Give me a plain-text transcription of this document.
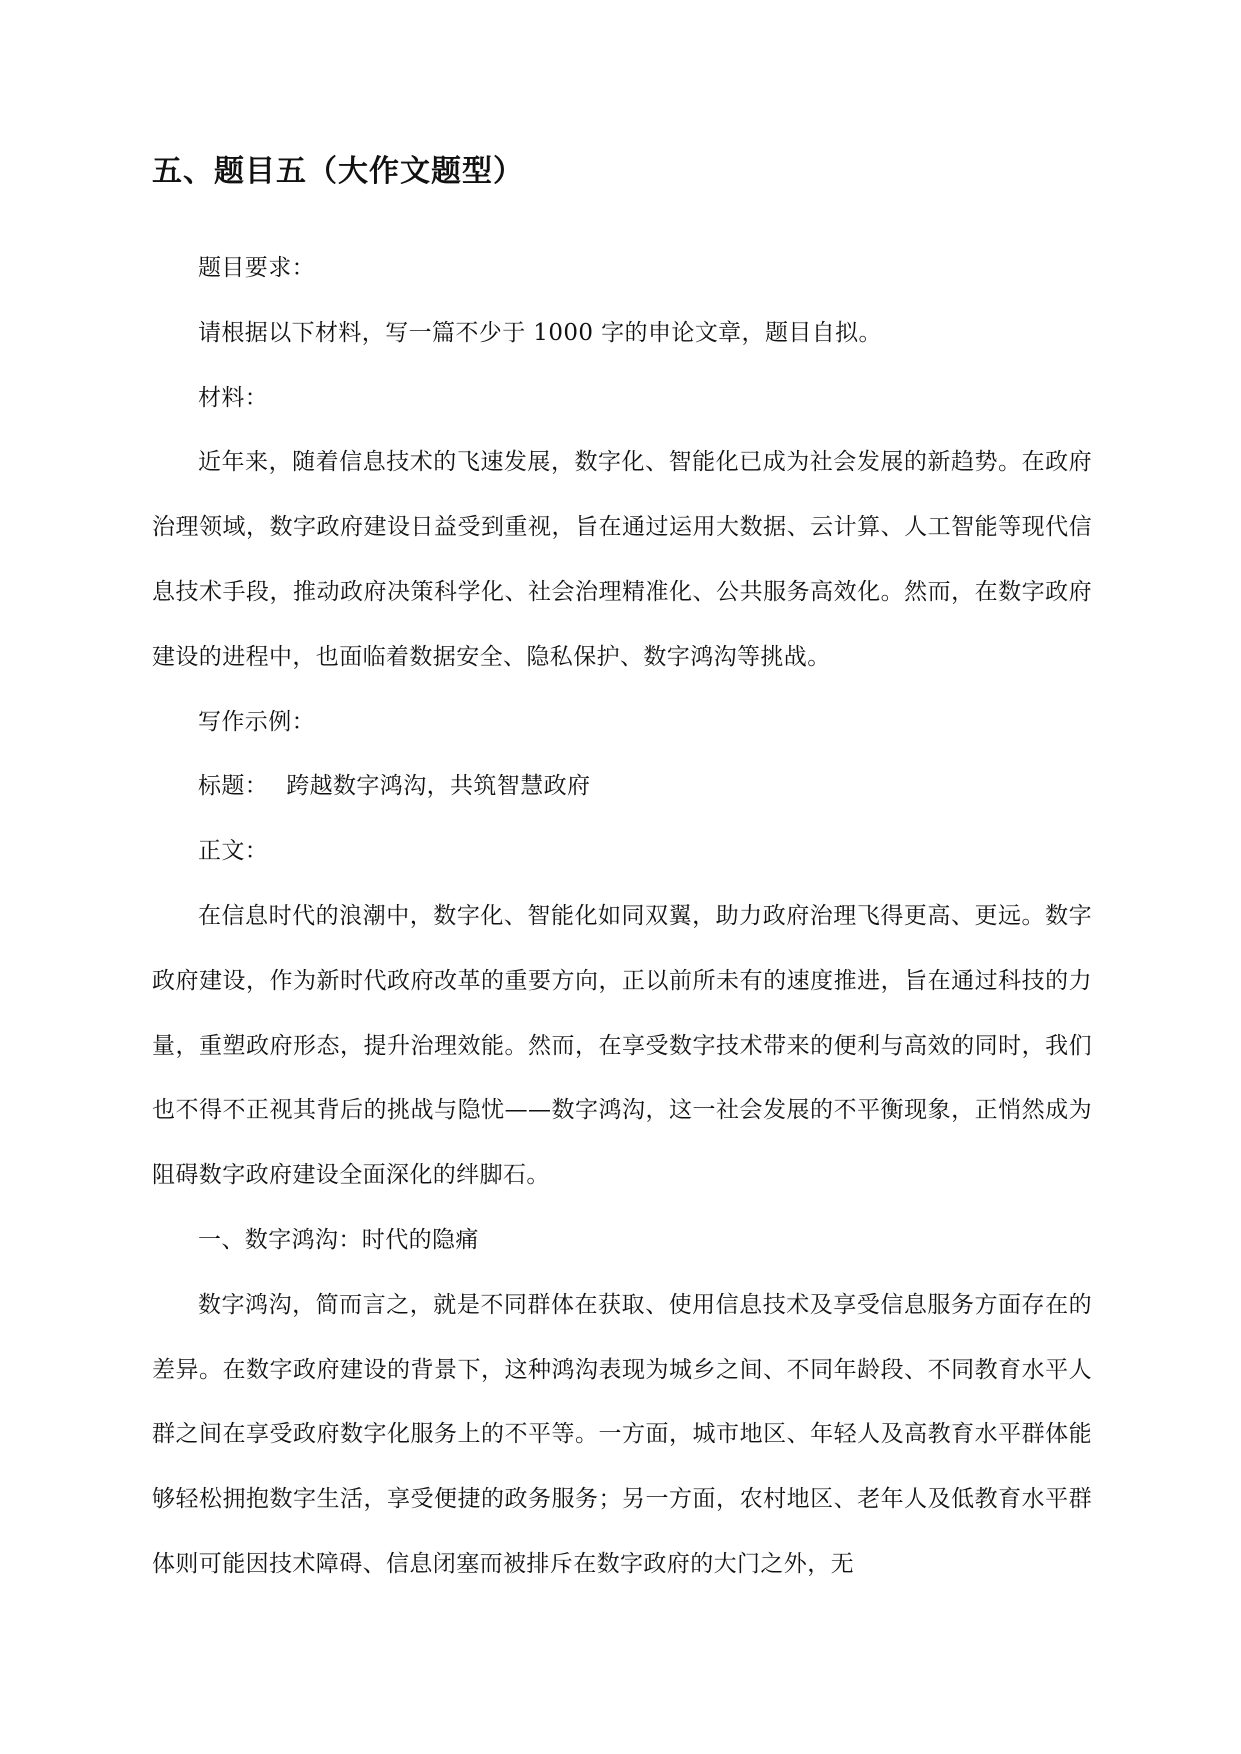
五、题目五（大作文题型）

题目要求：

请根据以下材料，写一篇不少于 1000 字的申论文章，题目自拟。

材料：

近年来，随着信息技术的飞速发展，数字化、智能化已成为社会发展的新趋势。在政府治理领域，数字政府建设日益受到重视，旨在通过运用大数据、云计算、人工智能等现代信息技术手段，推动政府决策科学化、社会治理精准化、公共服务高效化。然而，在数字政府建设的进程中，也面临着数据安全、隐私保护、数字鸿沟等挑战。

写作示例：

标题： 跨越数字鸿沟，共筑智慧政府

正文：

在信息时代的浪潮中，数字化、智能化如同双翼，助力政府治理飞得更高、更远。数字政府建设，作为新时代政府改革的重要方向，正以前所未有的速度推进，旨在通过科技的力量，重塑政府形态，提升治理效能。然而，在享受数字技术带来的便利与高效的同时，我们也不得不正视其背后的挑战与隐忧——数字鸿沟，这一社会发展的不平衡现象，正悄然成为阻碍数字政府建设全面深化的绊脚石。

一、数字鸿沟：时代的隐痛

数字鸿沟，简而言之，就是不同群体在获取、使用信息技术及享受信息服务方面存在的差异。在数字政府建设的背景下，这种鸿沟表现为城乡之间、不同年龄段、不同教育水平人群之间在享受政府数字化服务上的不平等。一方面，城市地区、年轻人及高教育水平群体能够轻松拥抱数字生活，享受便捷的政务服务；另一方面，农村地区、老年人及低教育水平群体则可能因技术障碍、信息闭塞而被排斥在数字政府的大门之外，无
